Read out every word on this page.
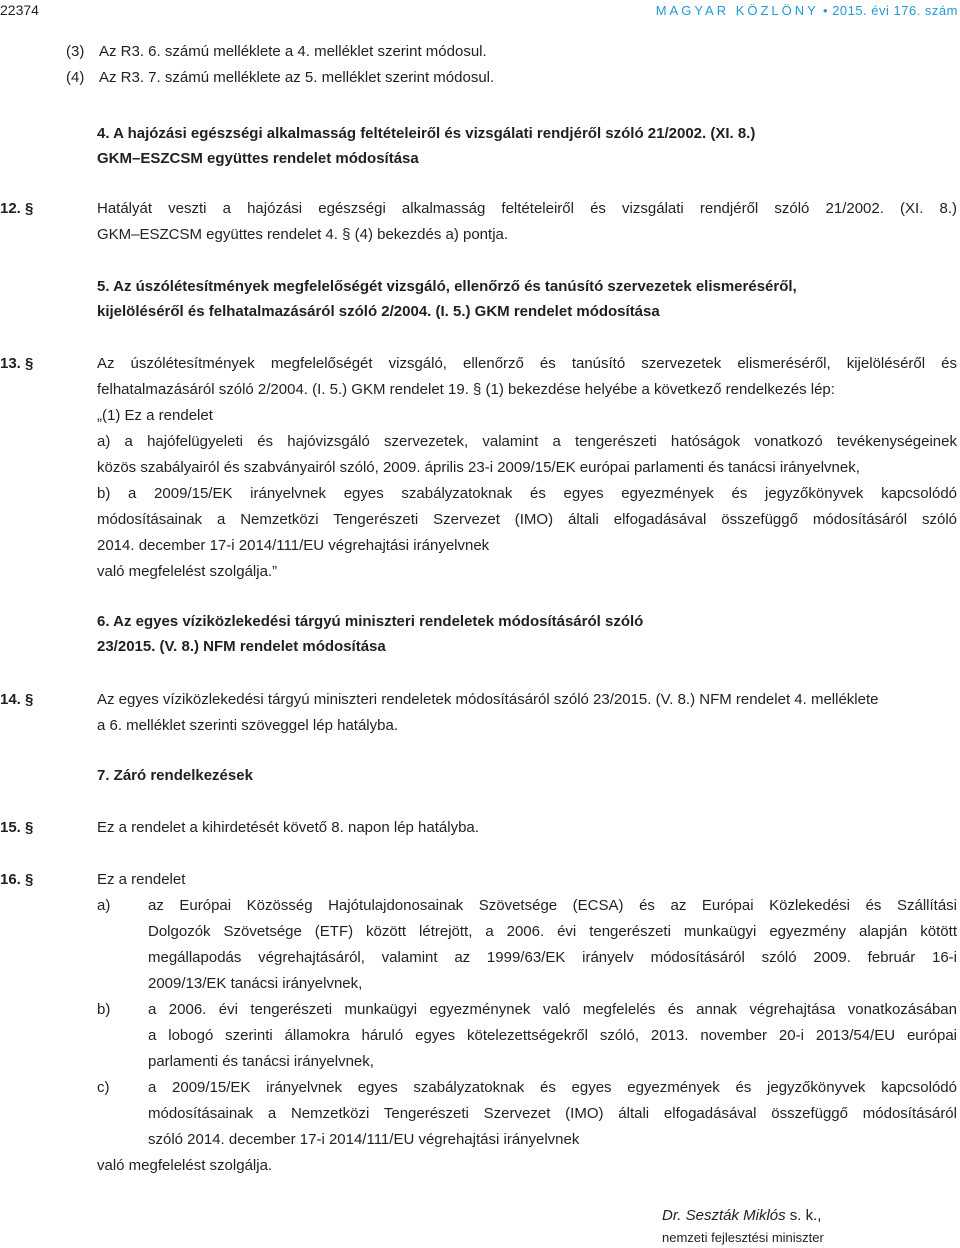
22374	MAGYAR KÖZLÖNY • 2015. évi 176. szám
(3) Az R3. 6. számú melléklete a 4. melléklet szerint módosul.
(4) Az R3. 7. számú melléklete az 5. melléklet szerint módosul.
4. A hajózási egészségi alkalmasság feltételeiről és vizsgálati rendjéről szóló 21/2002. (XI. 8.)
GKM–ESZCSM együttes rendelet módosítása
12. §	Hatályát veszti a hajózási egészségi alkalmasság feltételeiről és vizsgálati rendjéről szóló 21/2002. (XI. 8.)
GKM–ESZCSM együttes rendelet 4. § (4) bekezdés a) pontja.
5. Az úszólétesítmények megfelelőségét vizsgáló, ellenőrző és tanúsító szervezetek elismeréséről,
kijelöléséről és felhatalmazásáról szóló 2/2004. (I. 5.) GKM rendelet módosítása
13. §	Az úszólétesítmények megfelelőségét vizsgáló, ellenőrző és tanúsító szervezetek elismeréséről, kijelöléséről és
felhatalmazásáról szóló 2/2004. (I. 5.) GKM rendelet 19. § (1) bekezdése helyébe a következő rendelkezés lép:
„(1) Ez a rendelet
a) a hajófelügyeleti és hajóvizsgáló szervezetek, valamint a tengerészeti hatóságok vonatkozó tevékenységeinek
közös szabályairól és szabványairól szóló, 2009. április 23-i 2009/15/EK európai parlamenti és tanácsi irányelvnek,
b) a 2009/15/EK irányelvnek egyes szabályzatoknak és egyes egyezmények és jegyzőkönyvek kapcsolódó
módosításainak a Nemzetközi Tengerészeti Szervezet (IMO) általi elfogadásával összefüggő módosításáról szóló
2014. december 17-i 2014/111/EU végrehajtási irányelvnek
való megfelelést szolgálja.”
6. Az egyes víziközlekedési tárgyú miniszteri rendeletek módosításáról szóló
23/2015. (V. 8.) NFM rendelet módosítása
14. §	Az egyes víziközlekedési tárgyú miniszteri rendeletek módosításáról szóló 23/2015. (V. 8.) NFM rendelet 4. melléklete
a 6. melléklet szerinti szöveggel lép hatályba.
7. Záró rendelkezések
15. §	Ez a rendelet a kihirdetését követő 8. napon lép hatályba.
16. §	Ez a rendelet
a)	az Európai Közösség Hajótulajdonosainak Szövetsége (ECSA) és az Európai Közlekedési és Szállítási
Dolgozók Szövetsége (ETF) között létrejött, a 2006. évi tengerészeti munkaügyi egyezmény alapján kötött
megállapodás végrehajtásáról, valamint az 1999/63/EK irányelv módosításáról szóló 2009. február 16-i
2009/13/EK tanácsi irányelvnek,
b)	a 2006. évi tengerészeti munkaügyi egyezménynek való megfelelés és annak végrehajtása vonatkozásában
a lobogó szerinti államokra háruló egyes kötelezettségekről szóló, 2013. november 20-i 2013/54/EU európai
parlamenti és tanácsi irányelvnek,
c)	a 2009/15/EK irányelvnek egyes szabályzatoknak és egyes egyezmények és jegyzőkönyvek kapcsolódó
módosításainak a Nemzetközi Tengerészeti Szervezet (IMO) általi elfogadásával összefüggő módosításáról
szóló 2014. december 17-i 2014/111/EU végrehajtási irányelvnek
való megfelelést szolgálja.
Dr. Seszták Miklós s. k.,
nemzeti fejlesztési miniszter
